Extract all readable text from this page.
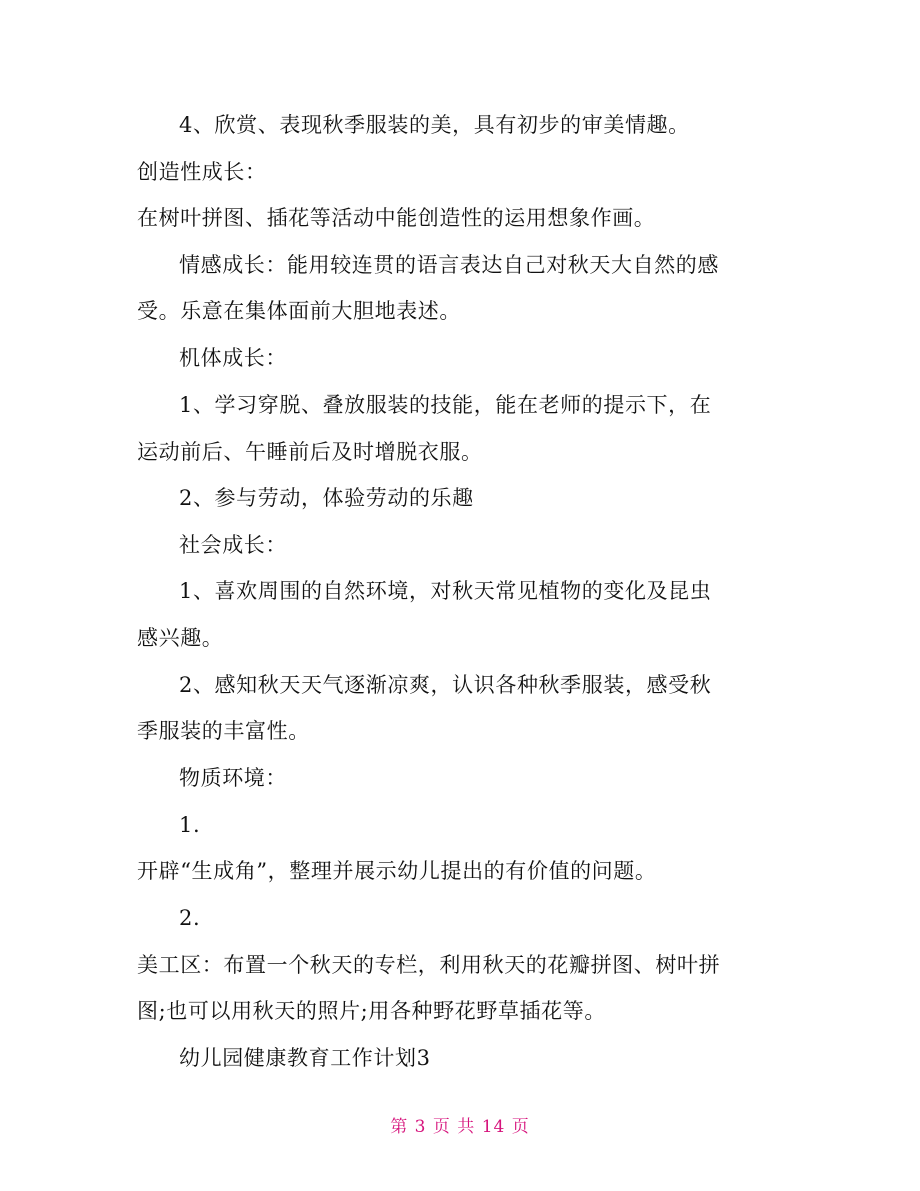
4、欣赏、表现秋季服装的美，具有初步的审美情趣。
创造性成长：
在树叶拼图、插花等活动中能创造性的运用想象作画。
情感成长：能用较连贯的语言表达自己对秋天大自然的感
受。乐意在集体面前大胆地表述。
机体成长：
1、学习穿脱、叠放服装的技能，能在老师的提示下，在
运动前后、午睡前后及时增脱衣服。
2、参与劳动，体验劳动的乐趣
社会成长：
1、喜欢周围的自然环境，对秋天常见植物的变化及昆虫
感兴趣。
2、感知秋天天气逐渐凉爽，认识各种秋季服装，感受秋
季服装的丰富性。
物质环境：
1.
开辟“生成角”，整理并展示幼儿提出的有价值的问题。
2.
美工区：布置一个秋天的专栏，利用秋天的花瓣拼图、树叶拼
图;也可以用秋天的照片;用各种野花野草插花等。
幼儿园健康教育工作计划3
第 3 页 共 14 页
